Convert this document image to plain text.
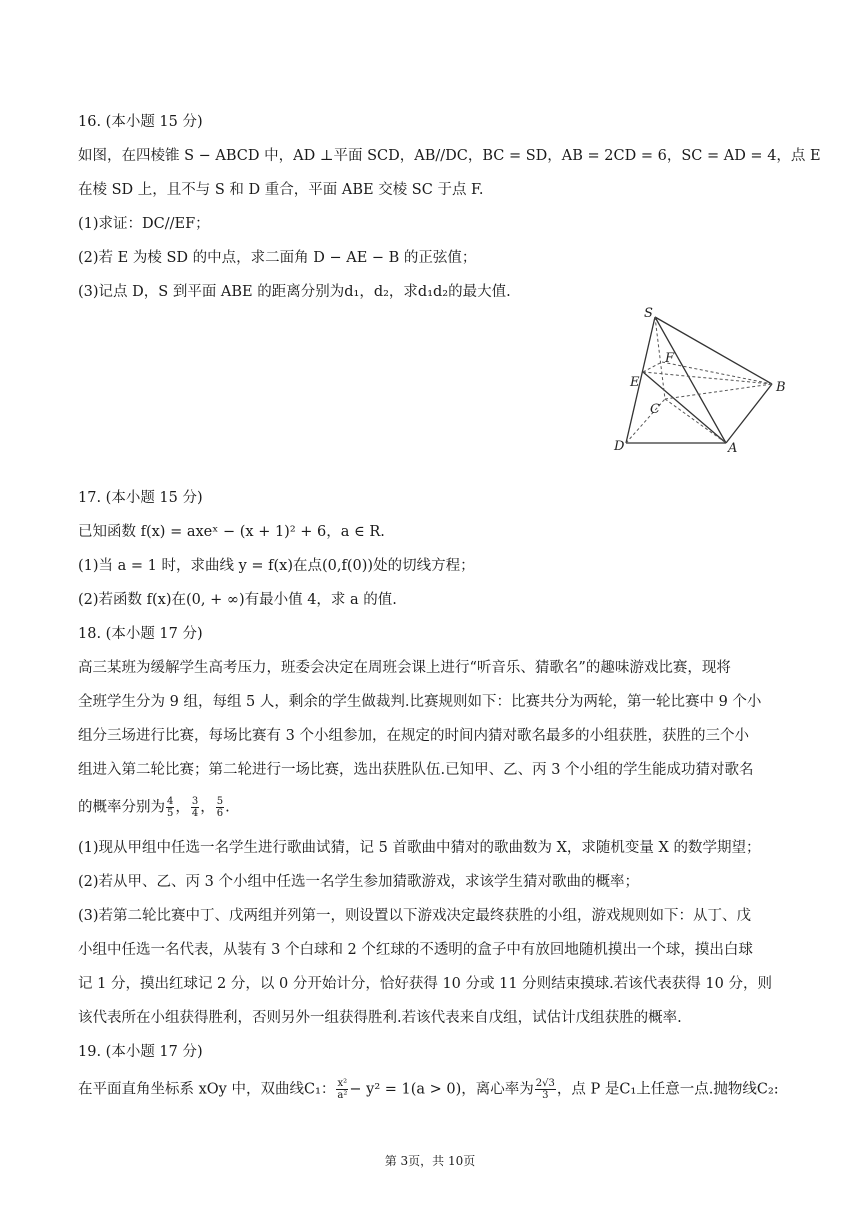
16. (本小题 15 分)
如图，在四棱锥 S − ABCD 中，AD ⊥平面 SCD，AB//DC，BC = SD，AB = 2CD = 6，SC = AD = 4，点 E
在棱 SD 上，且不与 S 和 D 重合，平面 ABE 交棱 SC 于点 F.
(1)求证：DC//EF；
(2)若 E 为棱 SD 的中点，求二面角 D − AE − B 的正弦值；
(3)记点 D，S 到平面 ABE 的距离分别为d₁，d₂，求d₁d₂的最大值.
S
F
E	B
C
D	A
17. (本小题 15 分)
已知函数 f(x) = axeˣ − (x + 1)² + 6，a ∈ R.
(1)当 a = 1 时，求曲线 y = f(x)在点(0,f(0))处的切线方程；
(2)若函数 f(x)在(0, + ∞)有最小值 4，求 a 的值.
18. (本小题 17 分)
高三某班为缓解学生高考压力，班委会决定在周班会课上进行“听音乐、猜歌名”的趣味游戏比赛，现将
全班学生分为 9 组，每组 5 人，剩余的学生做裁判.比赛规则如下：比赛共分为两轮，第一轮比赛中 9 个小
组分三场进行比赛，每场比赛有 3 个小组参加，在规定的时间内猜对歌名最多的小组获胜，获胜的三个小
组进入第二轮比赛；第二轮进行一场比赛，选出获胜队伍.已知甲、乙、丙 3 个小组的学生能成功猜对歌名
的概率分别为 $\frac{4}{5}$ ， $\frac{3}{4}$ ， $\frac{5}{6}$ .
(1)现从甲组中任选一名学生进行歌曲试猜，记 5 首歌曲中猜对的歌曲数为 X，求随机变量 X 的数学期望；
(2)若从甲、乙、丙 3 个小组中任选一名学生参加猜歌游戏，求该学生猜对歌曲的概率；
(3)若第二轮比赛中丁、戊两组并列第一，则设置以下游戏决定最终获胜的小组，游戏规则如下：从丁、戊
小组中任选一名代表，从装有 3 个白球和 2 个红球的不透明的盒子中有放回地随机摸出一个球，摸出白球
记 1 分，摸出红球记 2 分，以 0 分开始计分，恰好获得 10 分或 11 分则结束摸球.若该代表获得 10 分，则
该代表所在小组获得胜利，否则另外一组获得胜利.若该代表来自戊组，试估计戊组获胜的概率.
19. (本小题 17 分)
在平面直角坐标系 xOy 中，双曲线C₁： $\frac{\text{x²}}{\text{a²}} - y^2 = 1(a > 0)$，离心率为 $\frac{2√3}{3}$ ，点 P 是C₁上任意一点.抛物线C₂:
第 3页，共 10页
